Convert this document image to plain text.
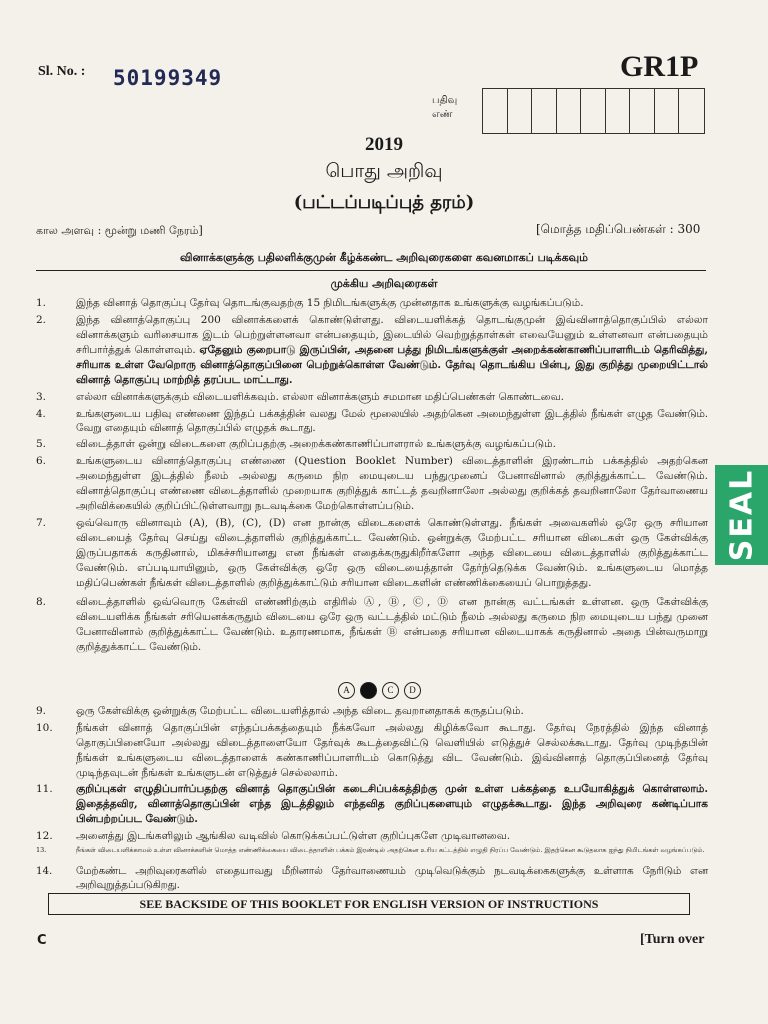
Sl. No. : 50199349	GR1P
பதிவு
எண்
2019
பொது அறிவு
(பட்டப்படிப்புத் தரம்)
கால அளவு : மூன்று மணி நேரம்]	[மொத்த மதிப்பெண்கள் : 300
வினாக்களுக்கு பதிலளிக்குமுன் கீழ்க்கண்ட அறிவுரைகளை கவனமாகப் படிக்கவும்
முக்கிய அறிவுரைகள்
1.	இந்த வினாத் தொகுப்பு தேர்வு தொடங்குவதற்கு 15 நிமிடங்களுக்கு முன்னதாக உங்களுக்கு வழங்கப்படும்.
2.	இந்த வினாத்தொகுப்பு 200 வினாக்களைக் கொண்டுள்ளது. விடையளிக்கத் தொடங்குமுன் இவ்வினாத்தொகுப்பில் எல்லா வினாக்களும் வரிசையாக இடம் பெற்றுள்ளனவா என்பதையும், இடையில் வெற்றுத்தாள்கள் எவையேனும் உள்ளனவா என்பதையும் சரிபார்த்துக் கொள்ளவும். ஏதேனும் குறைபாடு இருப்பின், அதனை பத்து நிமிடங்களுக்குள் அறைக்கண்காணிப்பாளரிடம் தெரிவித்து, சரியாக உள்ள வேறொரு வினாத்தொகுப்பினை பெற்றுக்கொள்ள வேண்டும். தேர்வு தொடங்கிய பின்பு, இது குறித்து முறையிட்டால் வினாத் தொகுப்பு மாற்றித் தரப்பட மாட்டாது.
3.	எல்லா வினாக்களுக்கும் விடையளிக்கவும். எல்லா வினாக்களும் சமமான மதிப்பெண்கள் கொண்டவை.
4.	உங்களுடைய பதிவு எண்ணை இந்தப் பக்கத்தின் வலது மேல் மூலையில் அதற்கென அமைந்துள்ள இடத்தில் நீங்கள் எழுத வேண்டும். வேறு எதையும் வினாத் தொகுப்பில் எழுதக் கூடாது.
5.	விடைத்தாள் ஒன்று விடைகளை குறிப்பதற்கு அறைக்கண்காணிப்பாளரால் உங்களுக்கு வழங்கப்படும்.
6.	உங்களுடைய வினாத்தொகுப்பு எண்ணை (Question Booklet Number) விடைத்தாளின் இரண்டாம் பக்கத்தில் அதற்கென அமைந்துள்ள இடத்தில் நீலம் அல்லது கருமை நிற மையுடைய பந்துமுனைப் பேனாவினால் குறித்துக்காட்ட வேண்டும். வினாத்தொகுப்பு எண்ணை விடைத்தாளில் முறையாக குறித்துக் காட்டத் தவறினாலோ அல்லது குறிக்கத் தவறினாலோ தேர்வாணைய அறிவிக்கையில் குறிப்பிட்டுள்ளவாறு நடவடிக்கை மேற்கொள்ளப்படும்.
7.	ஒவ்வொரு வினாவும் (A), (B), (C), (D) என நான்கு விடைகளைக் கொண்டுள்ளது. நீங்கள் அவைகளில் ஒரே ஒரு சரியான விடையைத் தேர்வு செய்து விடைத்தாளில் குறித்துக்காட்ட வேண்டும். ஒன்றுக்கு மேற்பட்ட சரியான விடைகள் ஒரு கேள்விக்கு இருப்பதாகக் கருதினால், மிகச்சரியானது என நீங்கள் எதைக்கருதுகிறீர்களோ அந்த விடையை விடைத்தாளில் குறித்துக்காட்ட வேண்டும். எப்படியாயினும், ஒரு கேள்விக்கு ஒரே ஒரு விடையைத்தான் தேர்ந்தெடுக்க வேண்டும். உங்களுடைய மொத்த மதிப்பெண்கள் நீங்கள் விடைத்தாளில் குறித்துக்காட்டும் சரியான விடைகளின் எண்ணிக்கையைப் பொறுத்தது.
8.	விடைத்தாளில் ஒவ்வொரு கேள்வி எண்ணிற்கும் எதிரில் Ⓐ, Ⓑ, Ⓒ, Ⓓ என நான்கு வட்டங்கள் உள்ளன. ஒரு கேள்விக்கு விடையளிக்க நீங்கள் சரியெனக்கருதும் விடையை ஒரே ஒரு வட்டத்தில் மட்டும் நீலம் அல்லது கருமை நிற மையுடைய பந்து முனை பேனாவினால் குறித்துக்காட்ட வேண்டும். உதாரணமாக, நீங்கள் Ⓑ என்பதை சரியான விடையாகக் கருதினால் அதை பின்வருமாறு குறித்துக்காட்ட வேண்டும்.
A	C	D
9.	ஒரு கேள்விக்கு ஒன்றுக்கு மேற்பட்ட விடையளித்தால் அந்த விடை தவறானதாகக் கருதப்படும்.
10. நீங்கள் வினாத் தொகுப்பின் எந்தப்பக்கத்தையும் நீக்கவோ அல்லது கிழிக்கவோ கூடாது. தேர்வு நேரத்தில் இந்த வினாத் தொகுப்பினையோ அல்லது விடைத்தாளையோ தேர்வுக் கூடத்தைவிட்டு வெளியில் எடுத்துச் செல்லக்கூடாது. தேர்வு முடிந்தபின் நீங்கள் உங்களுடைய விடைத்தாளைக் கண்காணிப்பாளரிடம் கொடுத்து விட வேண்டும். இவ்வினாத் தொகுப்பினைத் தேர்வு முடிந்தவுடன் நீங்கள் உங்களுடன் எடுத்துச் செல்லலாம்.
11. குறிப்புகள் எழுதிப்பார்ப்பதற்கு வினாத் தொகுப்பின் கடைசிப்பக்கத்திற்கு முன் உள்ள பக்கத்தை உபயோகித்துக் கொள்ளலாம். இதைத்தவிர, வினாத்தொகுப்பின் எந்த இடத்திலும் எந்தவித குறிப்புகளையும் எழுதக்கூடாது. இந்த அறிவுரை கண்டிப்பாக பின்பற்றப்பட வேண்டும்.
12. அனைத்து இடங்களிலும் ஆங்கில வடிவில் கொடுக்கப்பட்டுள்ள குறிப்புகளே முடிவானவை.
13.	நீங்கள் விடையளிக்காமல் உள்ள வினாக்களின் மொத்த எண்ணிக்கையை விடைத்தாளின் பக்கம் இரண்டில் அதற்கென உரிய கட்டத்தில் எழுதி நிரப்ப வேண்டும். இதற்கென கூடுதலாக ஐந்து நிமிடங்கள் வழங்கப்படும்.
14. மேற்கண்ட அறிவுரைகளில் எதையாவது மீறினால் தேர்வாணையம் முடிவெடுக்கும் நடவடிக்கைகளுக்கு உள்ளாக நேரிடும் என அறிவுறுத்தப்படுகிறது.
SEE BACKSIDE OF THIS BOOKLET FOR ENGLISH VERSION OF INSTRUCTIONS
C	[Turn over
SEAL
